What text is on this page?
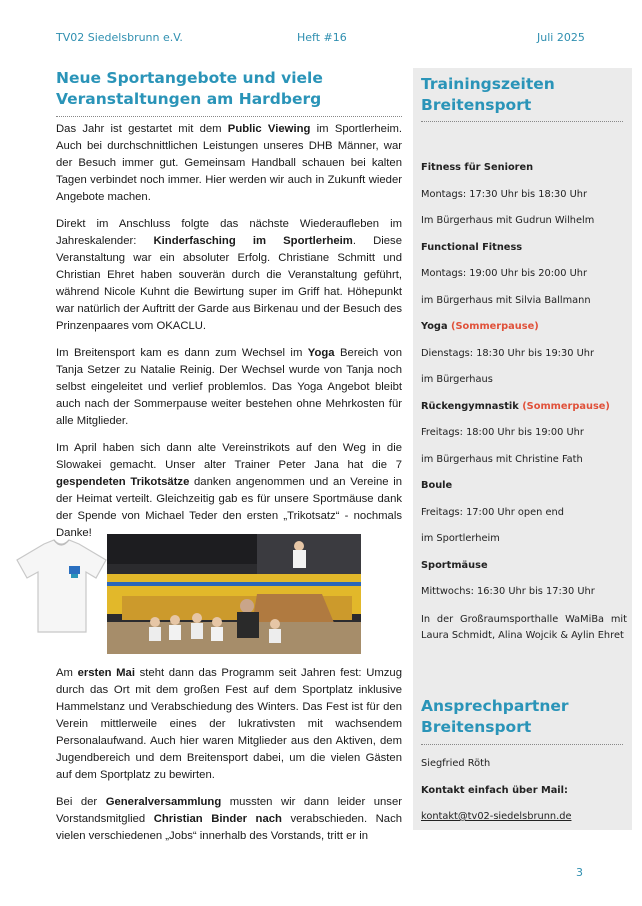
TV02 Siedelsbrunn e.V.	Heft #16	Juli 2025
Neue Sportangebote und viele Veranstaltungen am Hardberg

Das Jahr ist gestartet mit dem Public Viewing im Sportlerheim. Auch bei durchschnittlichen Leistungen unseres DHB Männer, war der Besuch immer gut. Gemeinsam Handball schauen bei kalten Tagen verbindet noch immer. Hier werden wir auch in Zukunft wieder Angebote machen.

Direkt im Anschluss folgte das nächste Wiederaufleben im Jahreskalender: Kinderfasching im Sportlerheim. Diese Veranstaltung war ein absoluter Erfolg. Christiane Schmitt und Christian Ehret haben souverän durch die Veranstaltung geführt, während Nicole Kuhnt die Bewirtung super im Griff hat. Höhepunkt war natürlich der Auftritt der Garde aus Birkenau und der Besuch des Prinzenpaares vom OKACLU.

Im Breitensport kam es dann zum Wechsel im Yoga Bereich von Tanja Setzer zu Natalie Reinig. Der Wechsel wurde von Tanja noch selbst eingeleitet und verlief problemlos. Das Yoga Angebot bleibt auch nach der Sommerpause weiter bestehen ohne Mehrkosten für alle Mitglieder.

Im April haben sich dann alte Vereinstrikots auf den Weg in die Slowakei gemacht. Unser alter Trainer Peter Jana hat die 7 gespendeten Trikotsätze danken angenommen und an Vereine in der Heimat verteilt. Gleichzeitig gab es für unsere Sportmäuse dank der Spende von Michael Teder den ersten „Trikotsatz“ - nochmals Danke!

Am ersten Mai steht dann das Programm seit Jahren fest: Umzug durch das Ort mit dem großen Fest auf dem Sportplatz inklusive Hammelstanz und Verabschiedung des Winters. Das Fest ist für den Verein mittlerweile eines der lukrativsten mit wachsendem Personalaufwand. Auch hier waren Mitglieder aus den Aktiven, dem Jugendbereich und dem Breitensport dabei, um die vielen Gästen auf dem Sportplatz zu bewirten.

Bei der Generalversammlung mussten wir dann leider unser Vorstandsmitglied Christian Binder nach verabschieden. Nach vielen verschiedenen „Jobs“ innerhalb des Vorstands, tritt er in

Trainingszeiten Breitensport
Fitness für Senioren
Montags: 17:30 Uhr bis 18:30 Uhr
Im Bürgerhaus mit Gudrun Wilhelm
Functional Fitness
Montags: 19:00 Uhr bis 20:00 Uhr
im Bürgerhaus mit Silvia Ballmann
Yoga (Sommerpause)
Dienstags: 18:30 Uhr bis 19:30 Uhr
im Bürgerhaus
Rückengymnastik (Sommerpause)
Freitags: 18:00 Uhr bis 19:00 Uhr
im Bürgerhaus mit Christine Fath
Boule
Freitags: 17:00 Uhr open end
im Sportlerheim
Sportmäuse
Mittwochs: 16:30 Uhr bis 17:30 Uhr
In der Großraumsporthalle WaMiBa mit Laura Schmidt, Alina Wojcik & Aylin Ehret
Ansprechpartner Breitensport
Siegfried Röth
Kontakt einfach über Mail:
kontakt@tv02-siedelsbrunn.de
3
